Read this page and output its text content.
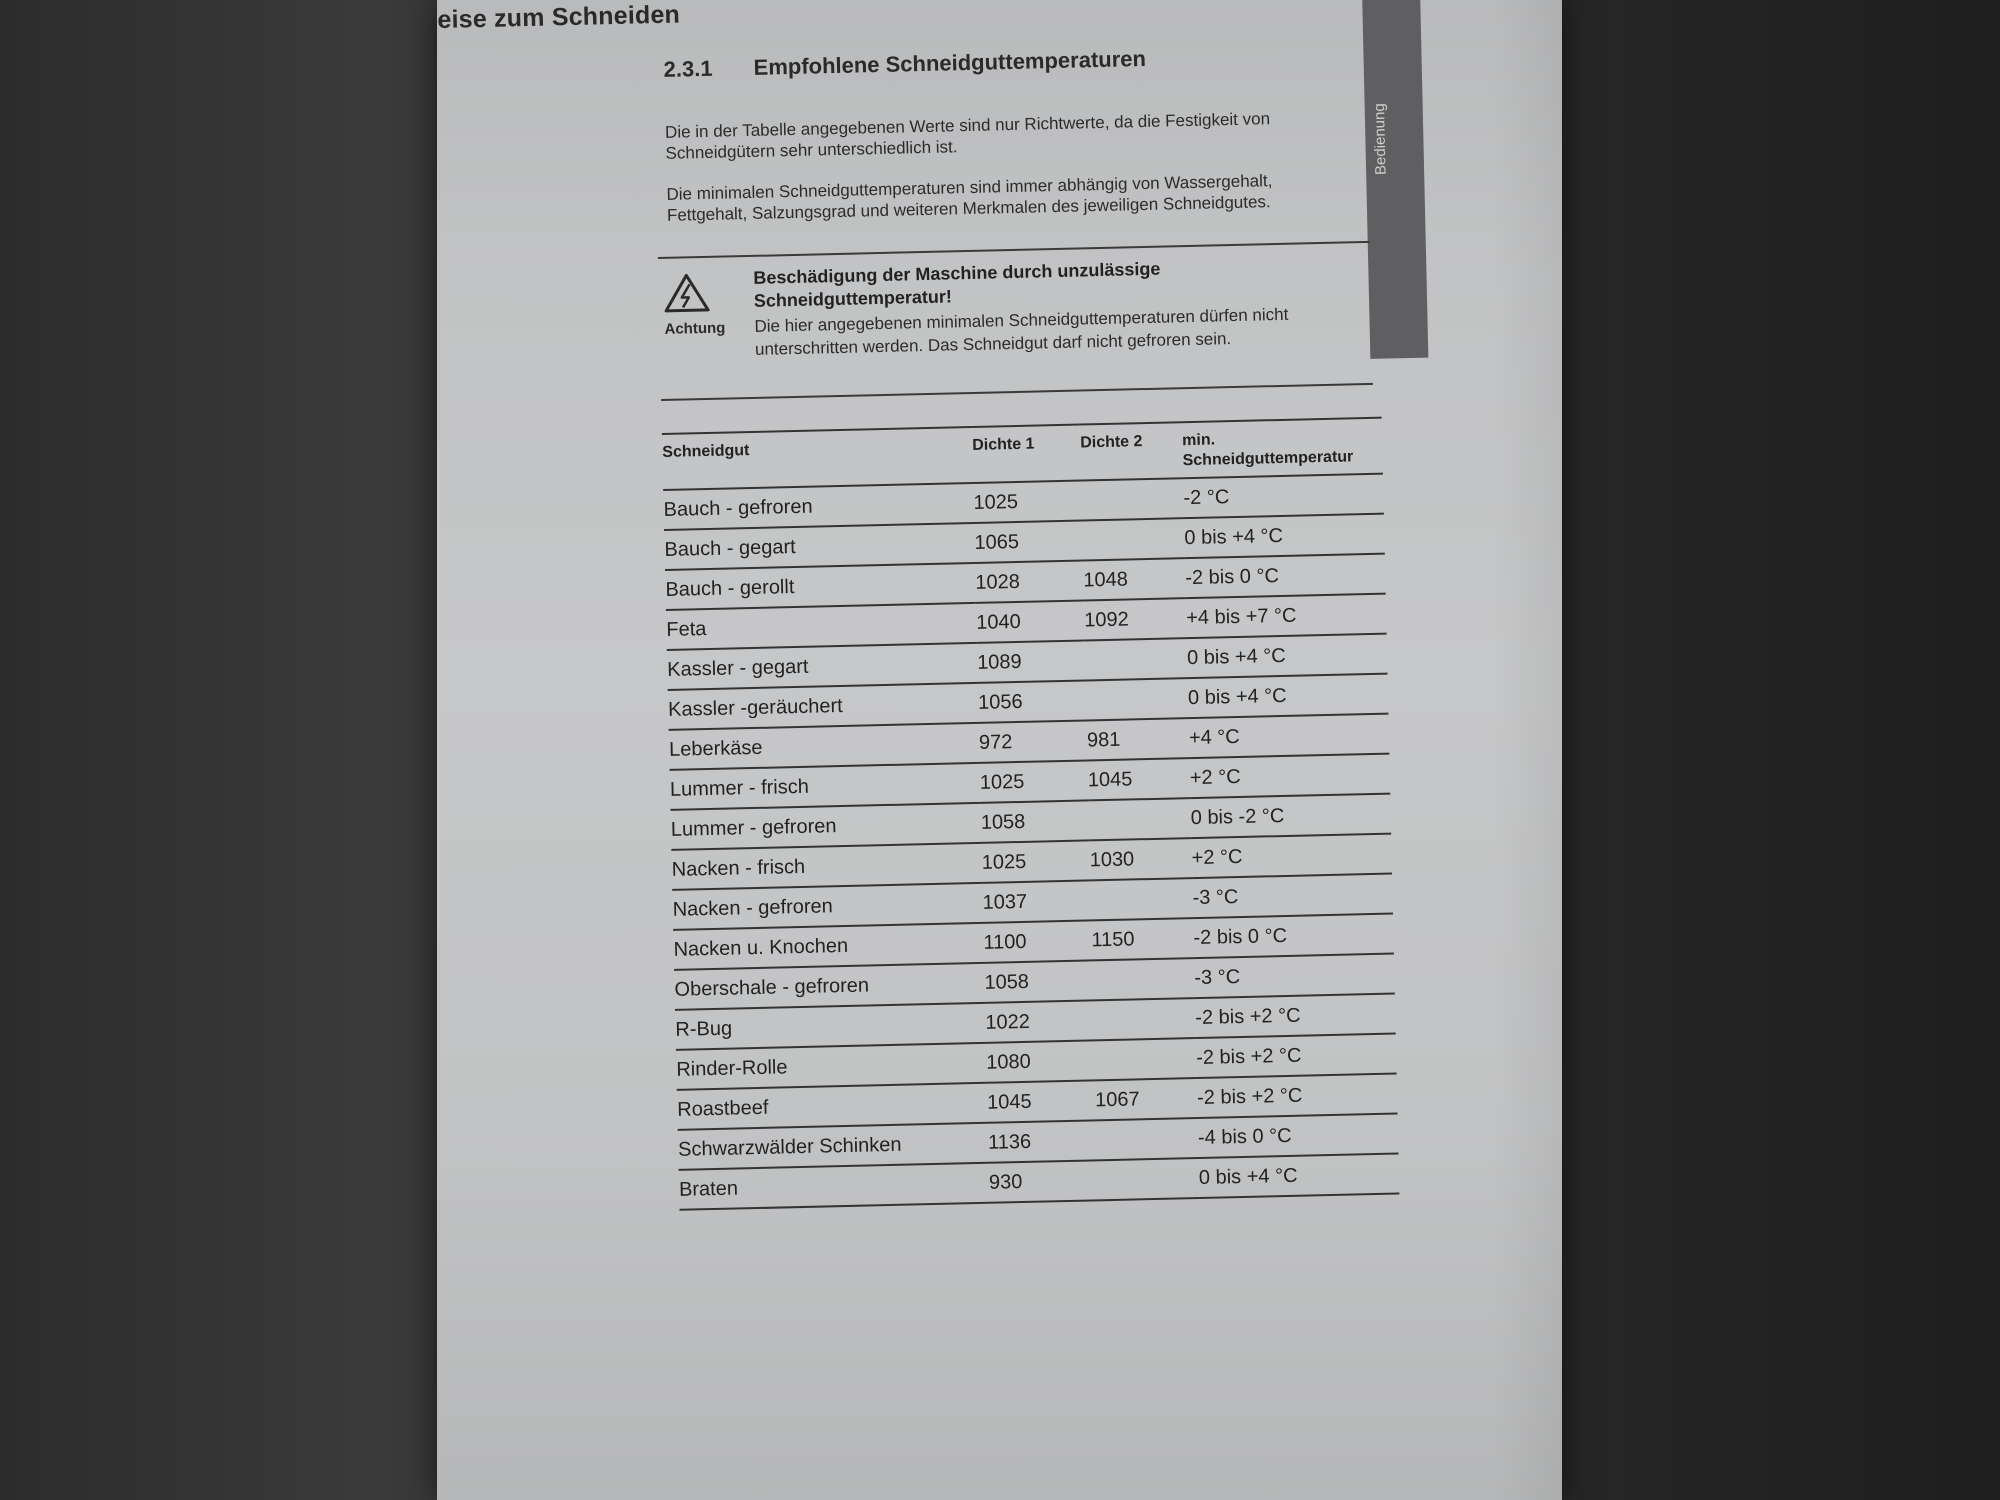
eise zum Schneiden
2.3.1 Empfohlene Schneidguttemperaturen

Die in der Tabelle angegebenen Werte sind nur Richtwerte, da die Festigkeit von Schneidgütern sehr unterschiedlich ist.

Die minimalen Schneidguttemperaturen sind immer abhängig von Wassergehalt, Fettgehalt, Salzungsgrad und weiteren Merkmalen des jeweiligen Schneidgutes.

Bedienung
Achtung
Beschädigung der Maschine durch unzulässige Schneidguttemperatur!
Die hier angegebenen minimalen Schneidguttemperaturen dürfen nicht unterschritten werden. Das Schneidgut darf nicht gefroren sein.
Schneidgut	Dichte 1	Dichte 2	min. Schneidguttemperatur
Bauch - gefroren	1025		-2 °C
Bauch - gegart	1065		0 bis +4 °C
Bauch - gerollt	1028	1048	-2 bis 0 °C
Feta	1040	1092	+4 bis +7 °C
Kassler - gegart	1089		0 bis +4 °C
Kassler -geräuchert	1056		0 bis +4 °C
Leberkäse	972	981	+4 °C
Lummer - frisch	1025	1045	+2 °C
Lummer - gefroren	1058		0 bis -2 °C
Nacken - frisch	1025	1030	+2 °C
Nacken - gefroren	1037		-3 °C
Nacken u. Knochen	1100	1150	-2 bis 0 °C
Oberschale - gefroren	1058		-3 °C
R-Bug	1022		-2 bis +2 °C
Rinder-Rolle	1080		-2 bis +2 °C
Roastbeef	1045	1067	-2 bis +2 °C
Schwarzwälder Schinken	1136		-4 bis 0 °C
Braten	930		0 bis +4 °C
